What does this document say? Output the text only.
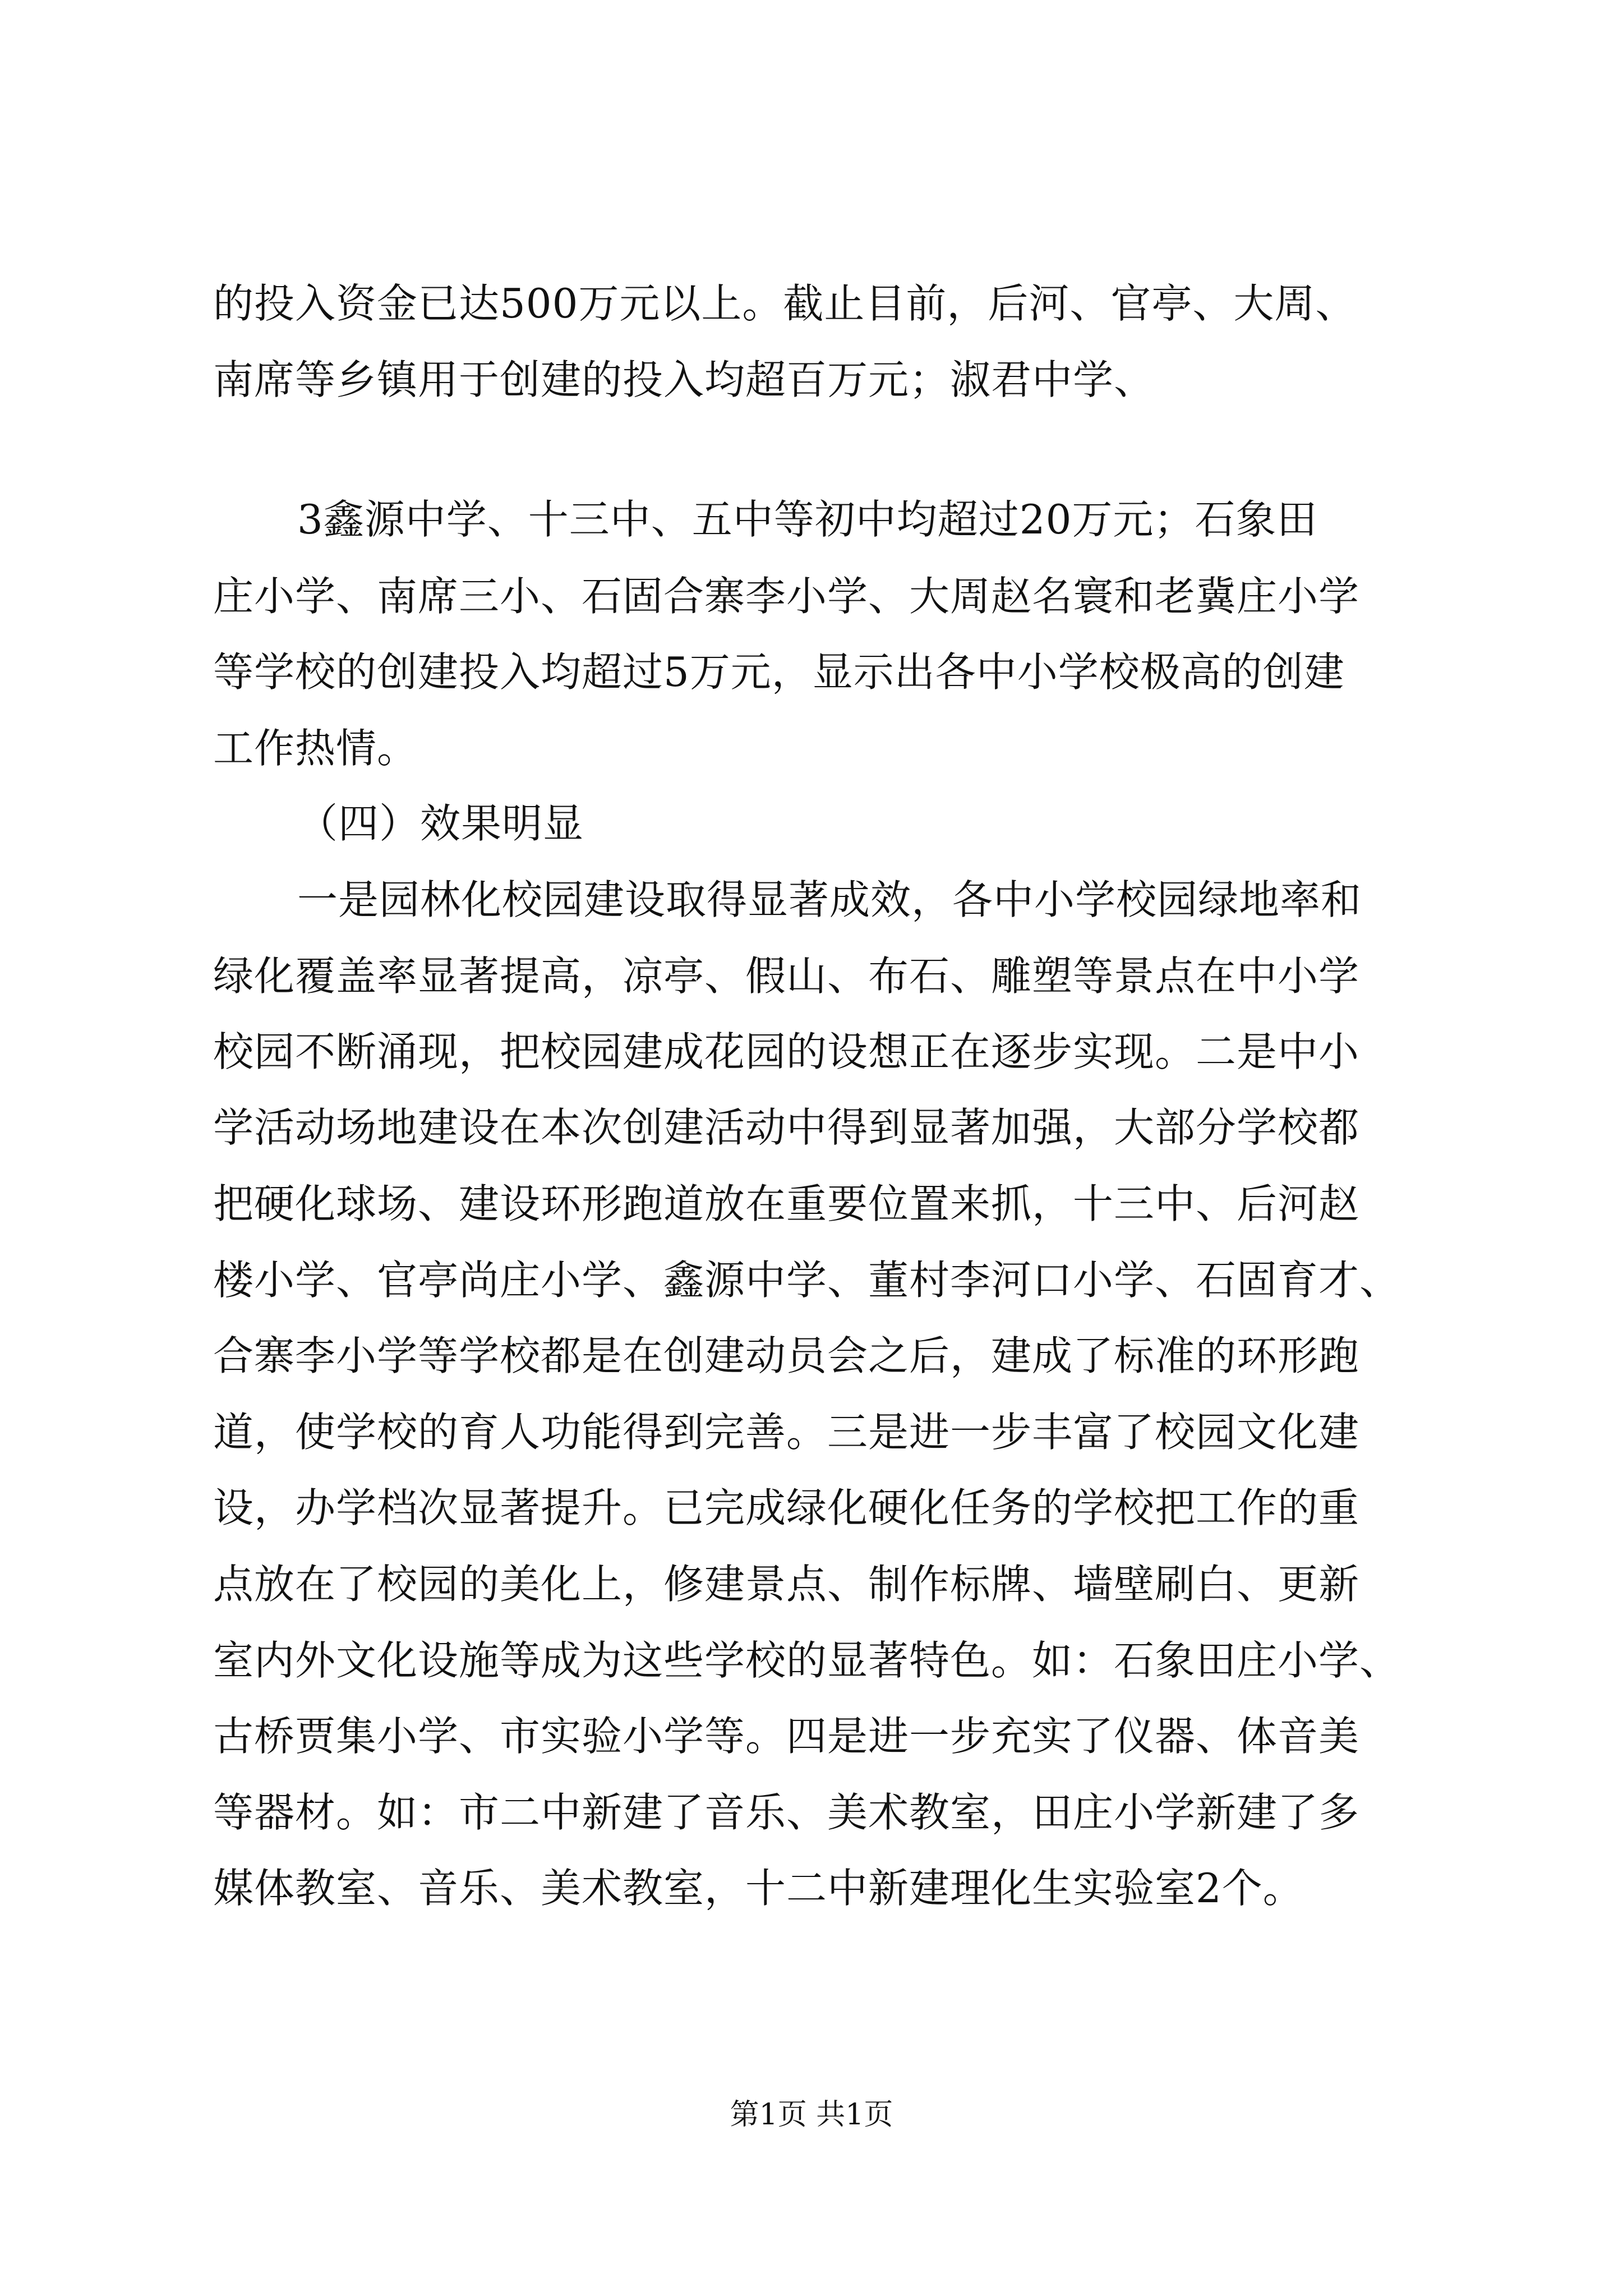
的投入资金已达500万元以上。截止目前，后河、官亭、大周、
南席等乡镇用于创建的投入均超百万元；淑君中学、
3鑫源中学、十三中、五中等初中均超过20万元；石象田
庄小学、南席三小、石固合寨李小学、大周赵名寰和老冀庄小学
等学校的创建投入均超过5万元，显示出各中小学校极高的创建
工作热情。
（四）效果明显
一是园林化校园建设取得显著成效，各中小学校园绿地率和
绿化覆盖率显著提高，凉亭、假山、布石、雕塑等景点在中小学
校园不断涌现，把校园建成花园的设想正在逐步实现。二是中小
学活动场地建设在本次创建活动中得到显著加强，大部分学校都
把硬化球场、建设环形跑道放在重要位置来抓，十三中、后河赵
楼小学、官亭尚庄小学、鑫源中学、董村李河口小学、石固育才、
合寨李小学等学校都是在创建动员会之后，建成了标准的环形跑
道，使学校的育人功能得到完善。三是进一步丰富了校园文化建
设，办学档次显著提升。已完成绿化硬化任务的学校把工作的重
点放在了校园的美化上，修建景点、制作标牌、墙壁刷白、更新
室内外文化设施等成为这些学校的显著特色。如：石象田庄小学、
古桥贾集小学、市实验小学等。四是进一步充实了仪器、体音美
等器材。如：市二中新建了音乐、美术教室，田庄小学新建了多
媒体教室、音乐、美术教室，十二中新建理化生实验室2个。
第1页 共1页
